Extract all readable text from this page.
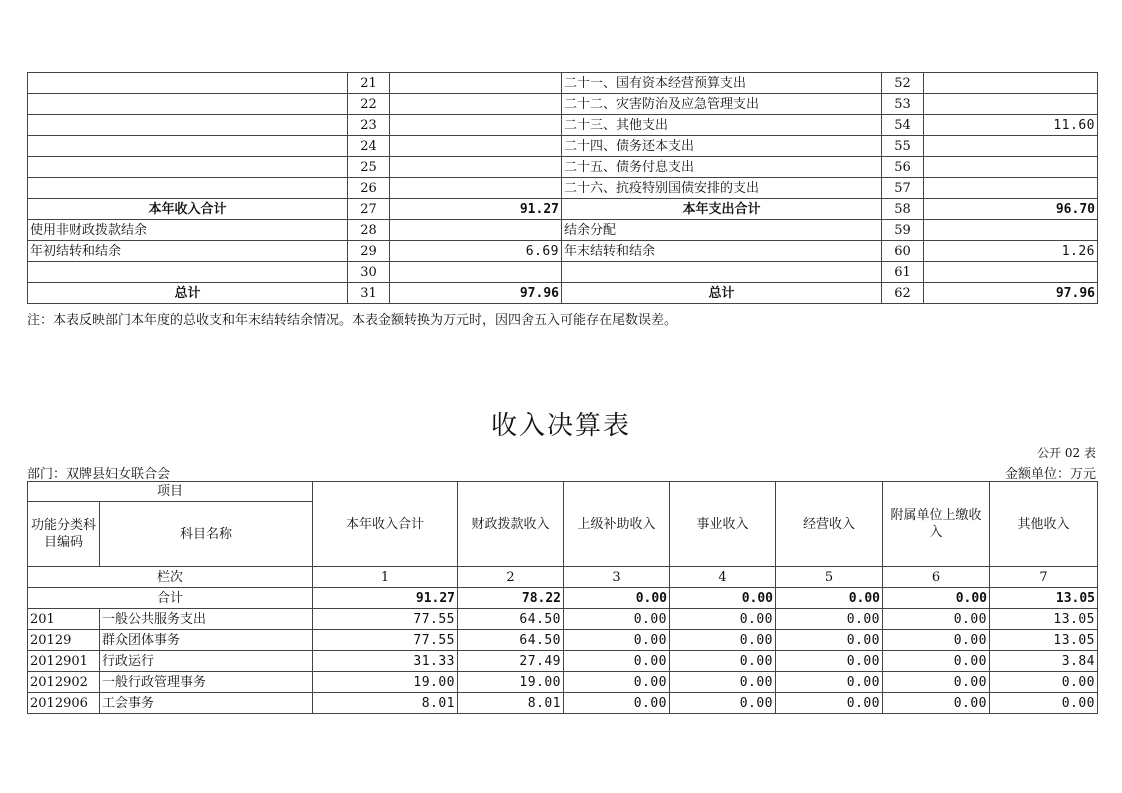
	21		二十一、国有资本经营预算支出	52	
	22		二十二、灾害防治及应急管理支出	53	
	23		二十三、其他支出	54	11.60
	24		二十四、债务还本支出	55	
	25		二十五、债务付息支出	56	
	26		二十六、抗疫特别国债安排的支出	57	
本年收入合计	27	91.27	本年支出合计	58	96.70
使用非财政拨款结余	28		结余分配	59	
年初结转和结余	29	6.69	年末结转和结余	60	1.26
	30			61	
总计	31	97.96	总计	62	97.96
注：本表反映部门本年度的总收支和年末结转结余情况。本表金额转换为万元时，因四舍五入可能存在尾数误差。
收入决算表
公开 02 表
部门：双牌县妇女联合会	金额单位：万元
项目		本年收入合计	财政拨款收入	上级补助收入	事业收入	经营收入	附属单位上缴收入	其他收入
功能分类科目编码	科目名称							
栏次		1	2	3	4	5	6	7
合计		91.27	78.22	0.00	0.00	0.00	0.00	13.05
201	一般公共服务支出	77.55	64.50	0.00	0.00	0.00	0.00	13.05
20129	群众团体事务	77.55	64.50	0.00	0.00	0.00	0.00	13.05
2012901	行政运行	31.33	27.49	0.00	0.00	0.00	0.00	3.84
2012902	一般行政管理事务	19.00	19.00	0.00	0.00	0.00	0.00	0.00
2012906	工会事务	8.01	8.01	0.00	0.00	0.00	0.00	0.00
